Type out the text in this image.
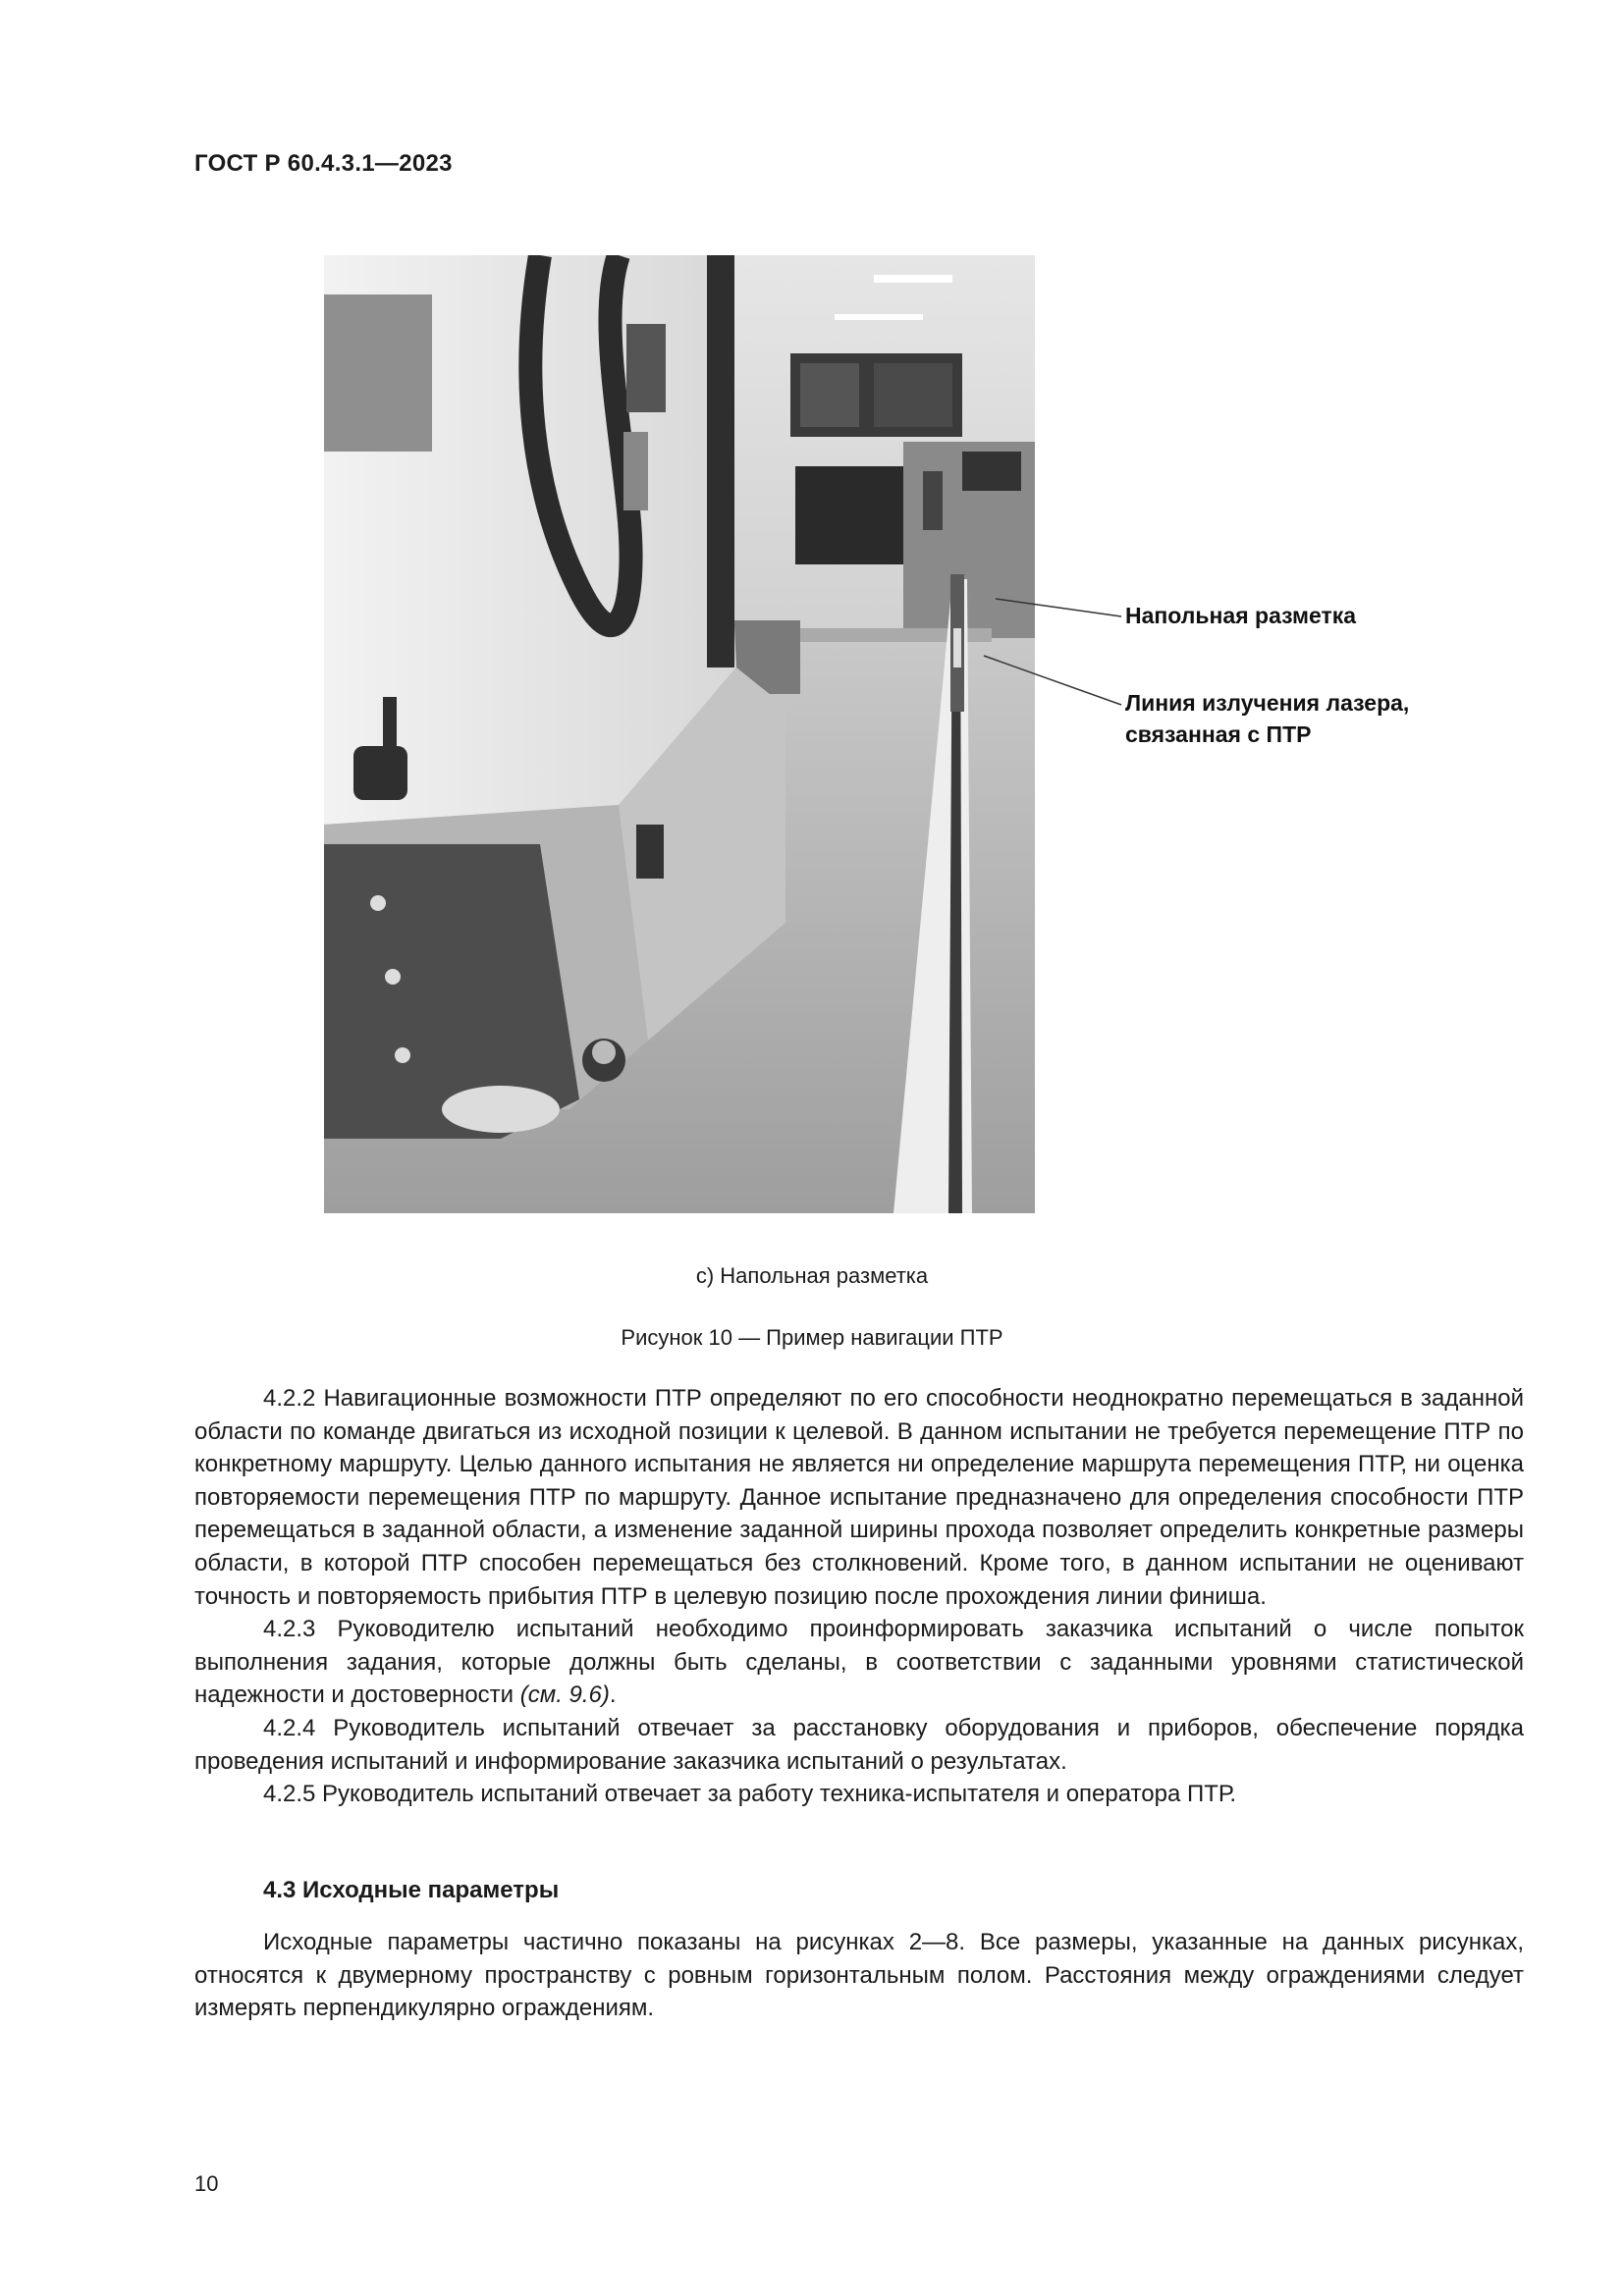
ГОСТ Р 60.4.3.1—2023
Напольная разметка
Линия излучения лазера,
связанная с ПТР
с) Напольная разметка
Рисунок 10 — Пример навигации ПТР

4.2.2 Навигационные возможности ПТР определяют по его способности неоднократно перемещаться в заданной области по команде двигаться из исходной позиции к целевой. В данном испытании не требуется перемещение ПТР по конкретному маршруту. Целью данного испытания не является ни определение маршрута перемещения ПТР, ни оценка повторяемости перемещения ПТР по маршруту. Данное испытание предназначено для определения способности ПТР перемещаться в заданной области, а изменение заданной ширины прохода позволяет определить конкретные размеры области, в которой ПТР способен перемещаться без столкновений. Кроме того, в данном испытании не оценивают точность и повторяемость прибытия ПТР в целевую позицию после прохождения линии финиша.

4.2.3 Руководителю испытаний необходимо проинформировать заказчика испытаний о числе попыток выполнения задания, которые должны быть сделаны, в соответствии с заданными уровнями статистической надежности и достоверности (см. 9.6).

4.2.4 Руководитель испытаний отвечает за расстановку оборудования и приборов, обеспечение порядка проведения испытаний и информирование заказчика испытаний о результатах.

4.2.5 Руководитель испытаний отвечает за работу техника-испытателя и оператора ПТР.

4.3 Исходные параметры

Исходные параметры частично показаны на рисунках 2—8. Все размеры, указанные на данных рисунках, относятся к двумерному пространству с ровным горизонтальным полом. Расстояния между ограждениями следует измерять перпендикулярно ограждениям.

10
